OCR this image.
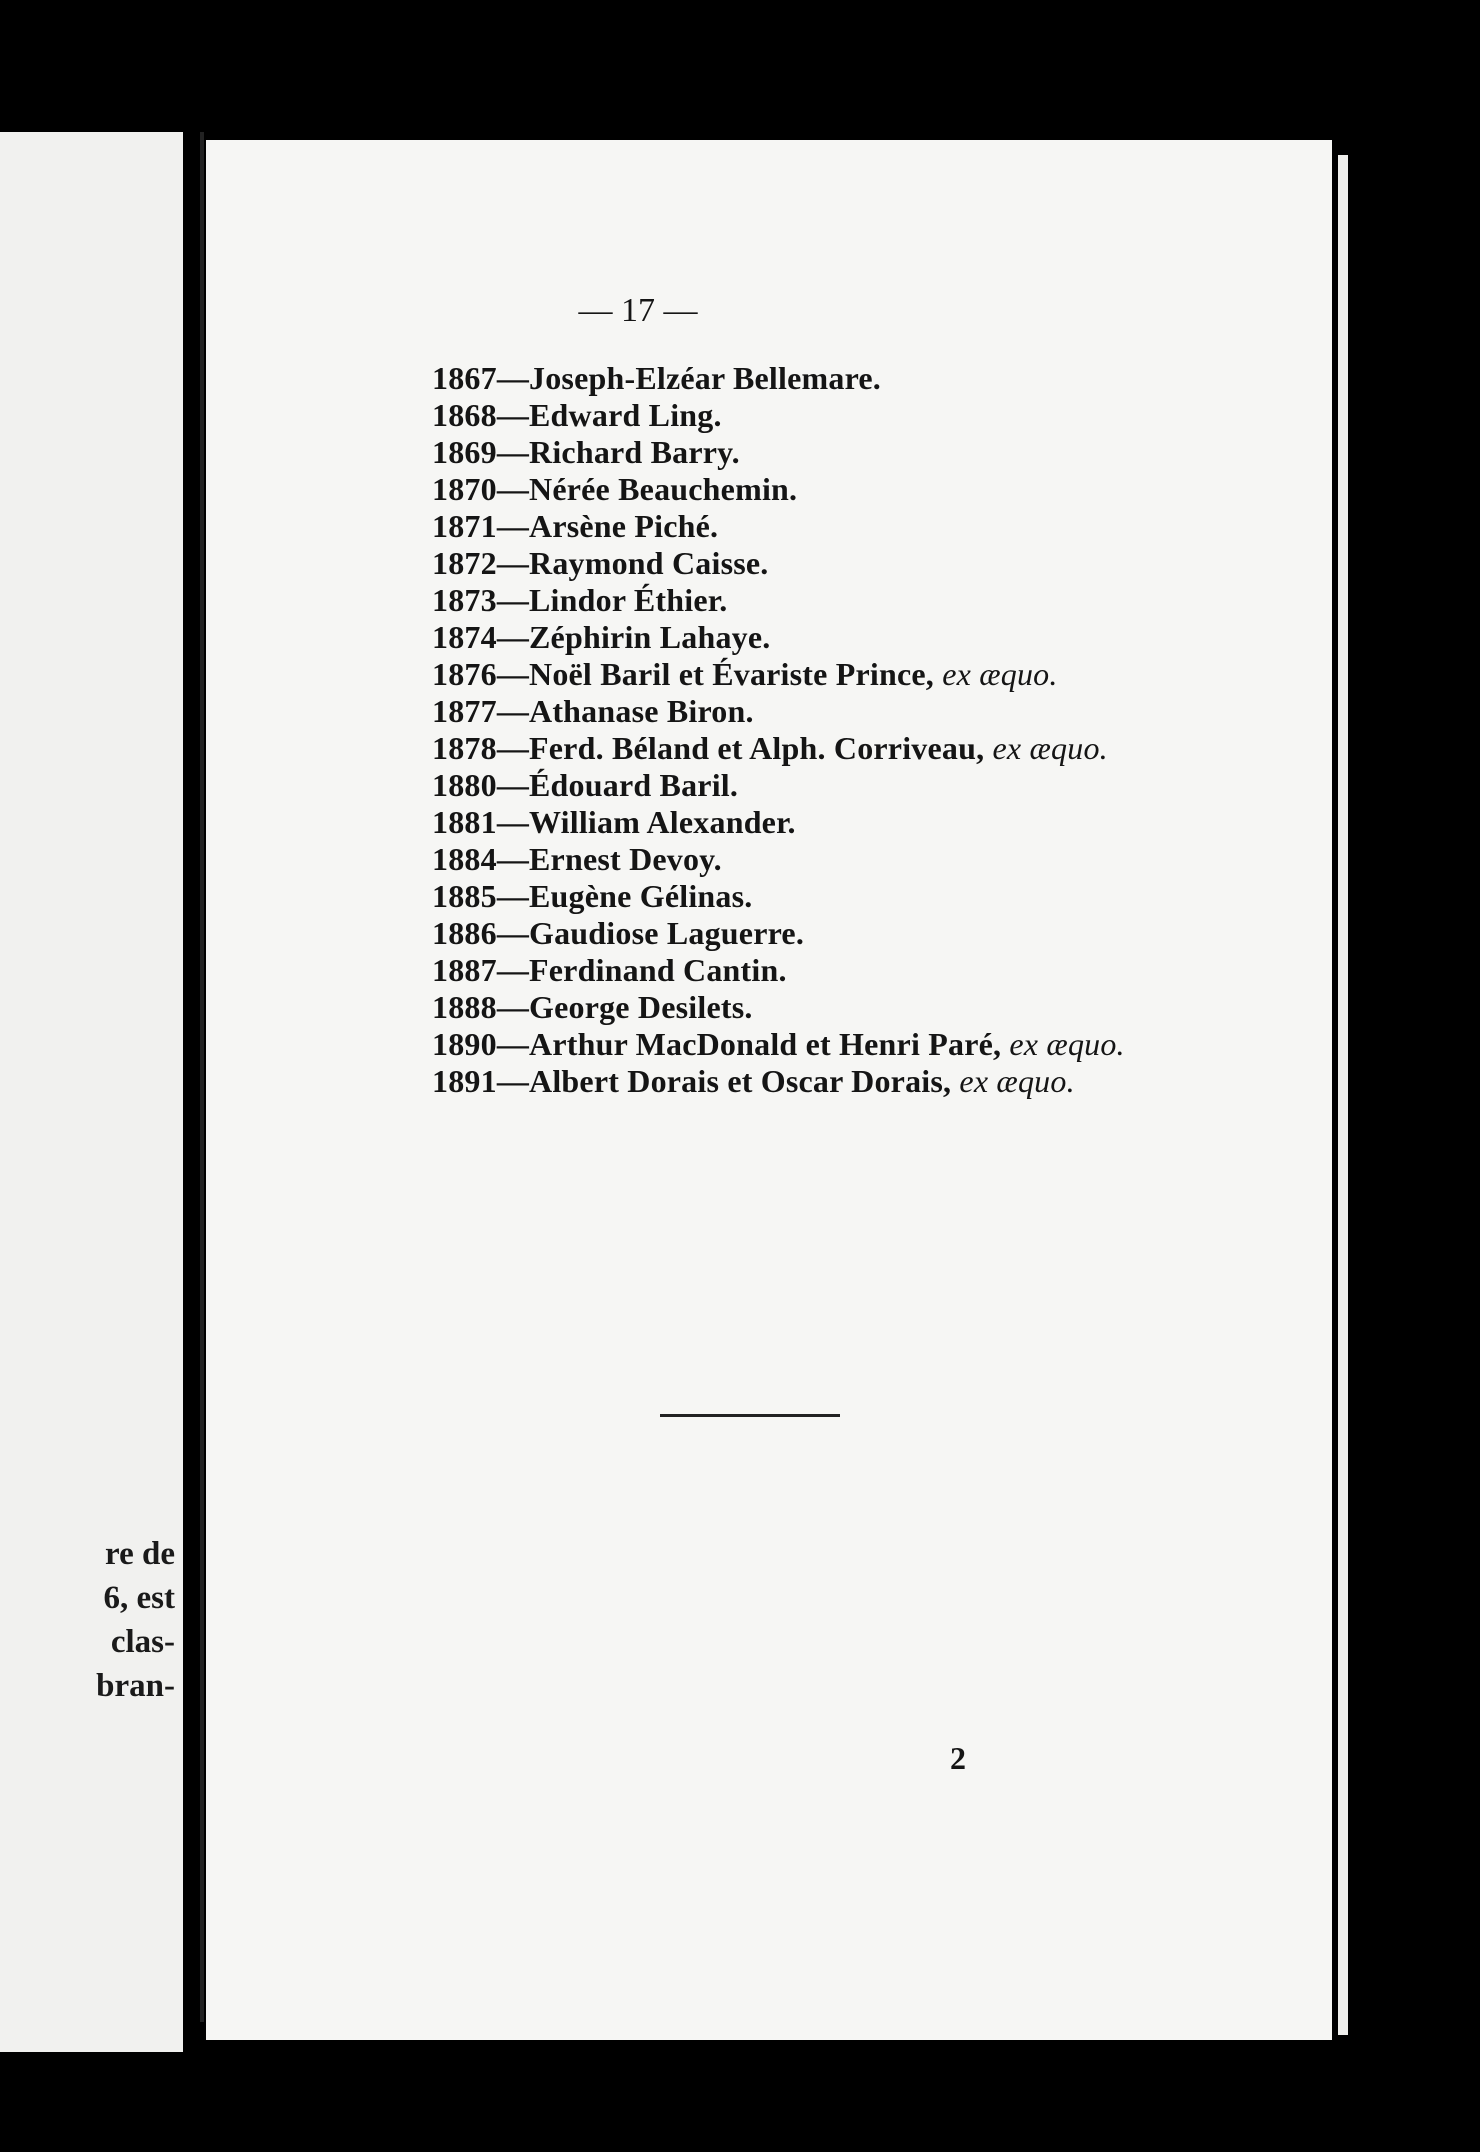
re de
6, est
clas-
bran-
— 17 —
1867—Joseph-Elzéar Bellemare.
1868—Edward Ling.
1869—Richard Barry.
1870—Nérée Beauchemin.
1871—Arsène Piché.
1872—Raymond Caisse.
1873—Lindor Éthier.
1874—Zéphirin Lahaye.
1876—Noël Baril et Évariste Prince, ex æquo.
1877—Athanase Biron.
1878—Ferd. Béland et Alph. Corriveau, ex æquo.
1880—Édouard Baril.
1881—William Alexander.
1884—Ernest Devoy.
1885—Eugène Gélinas.
1886—Gaudiose Laguerre.
1887—Ferdinand Cantin.
1888—George Desilets.
1890—Arthur MacDonald et Henri Paré, ex æquo.
1891—Albert Dorais et Oscar Dorais, ex æquo.
2
